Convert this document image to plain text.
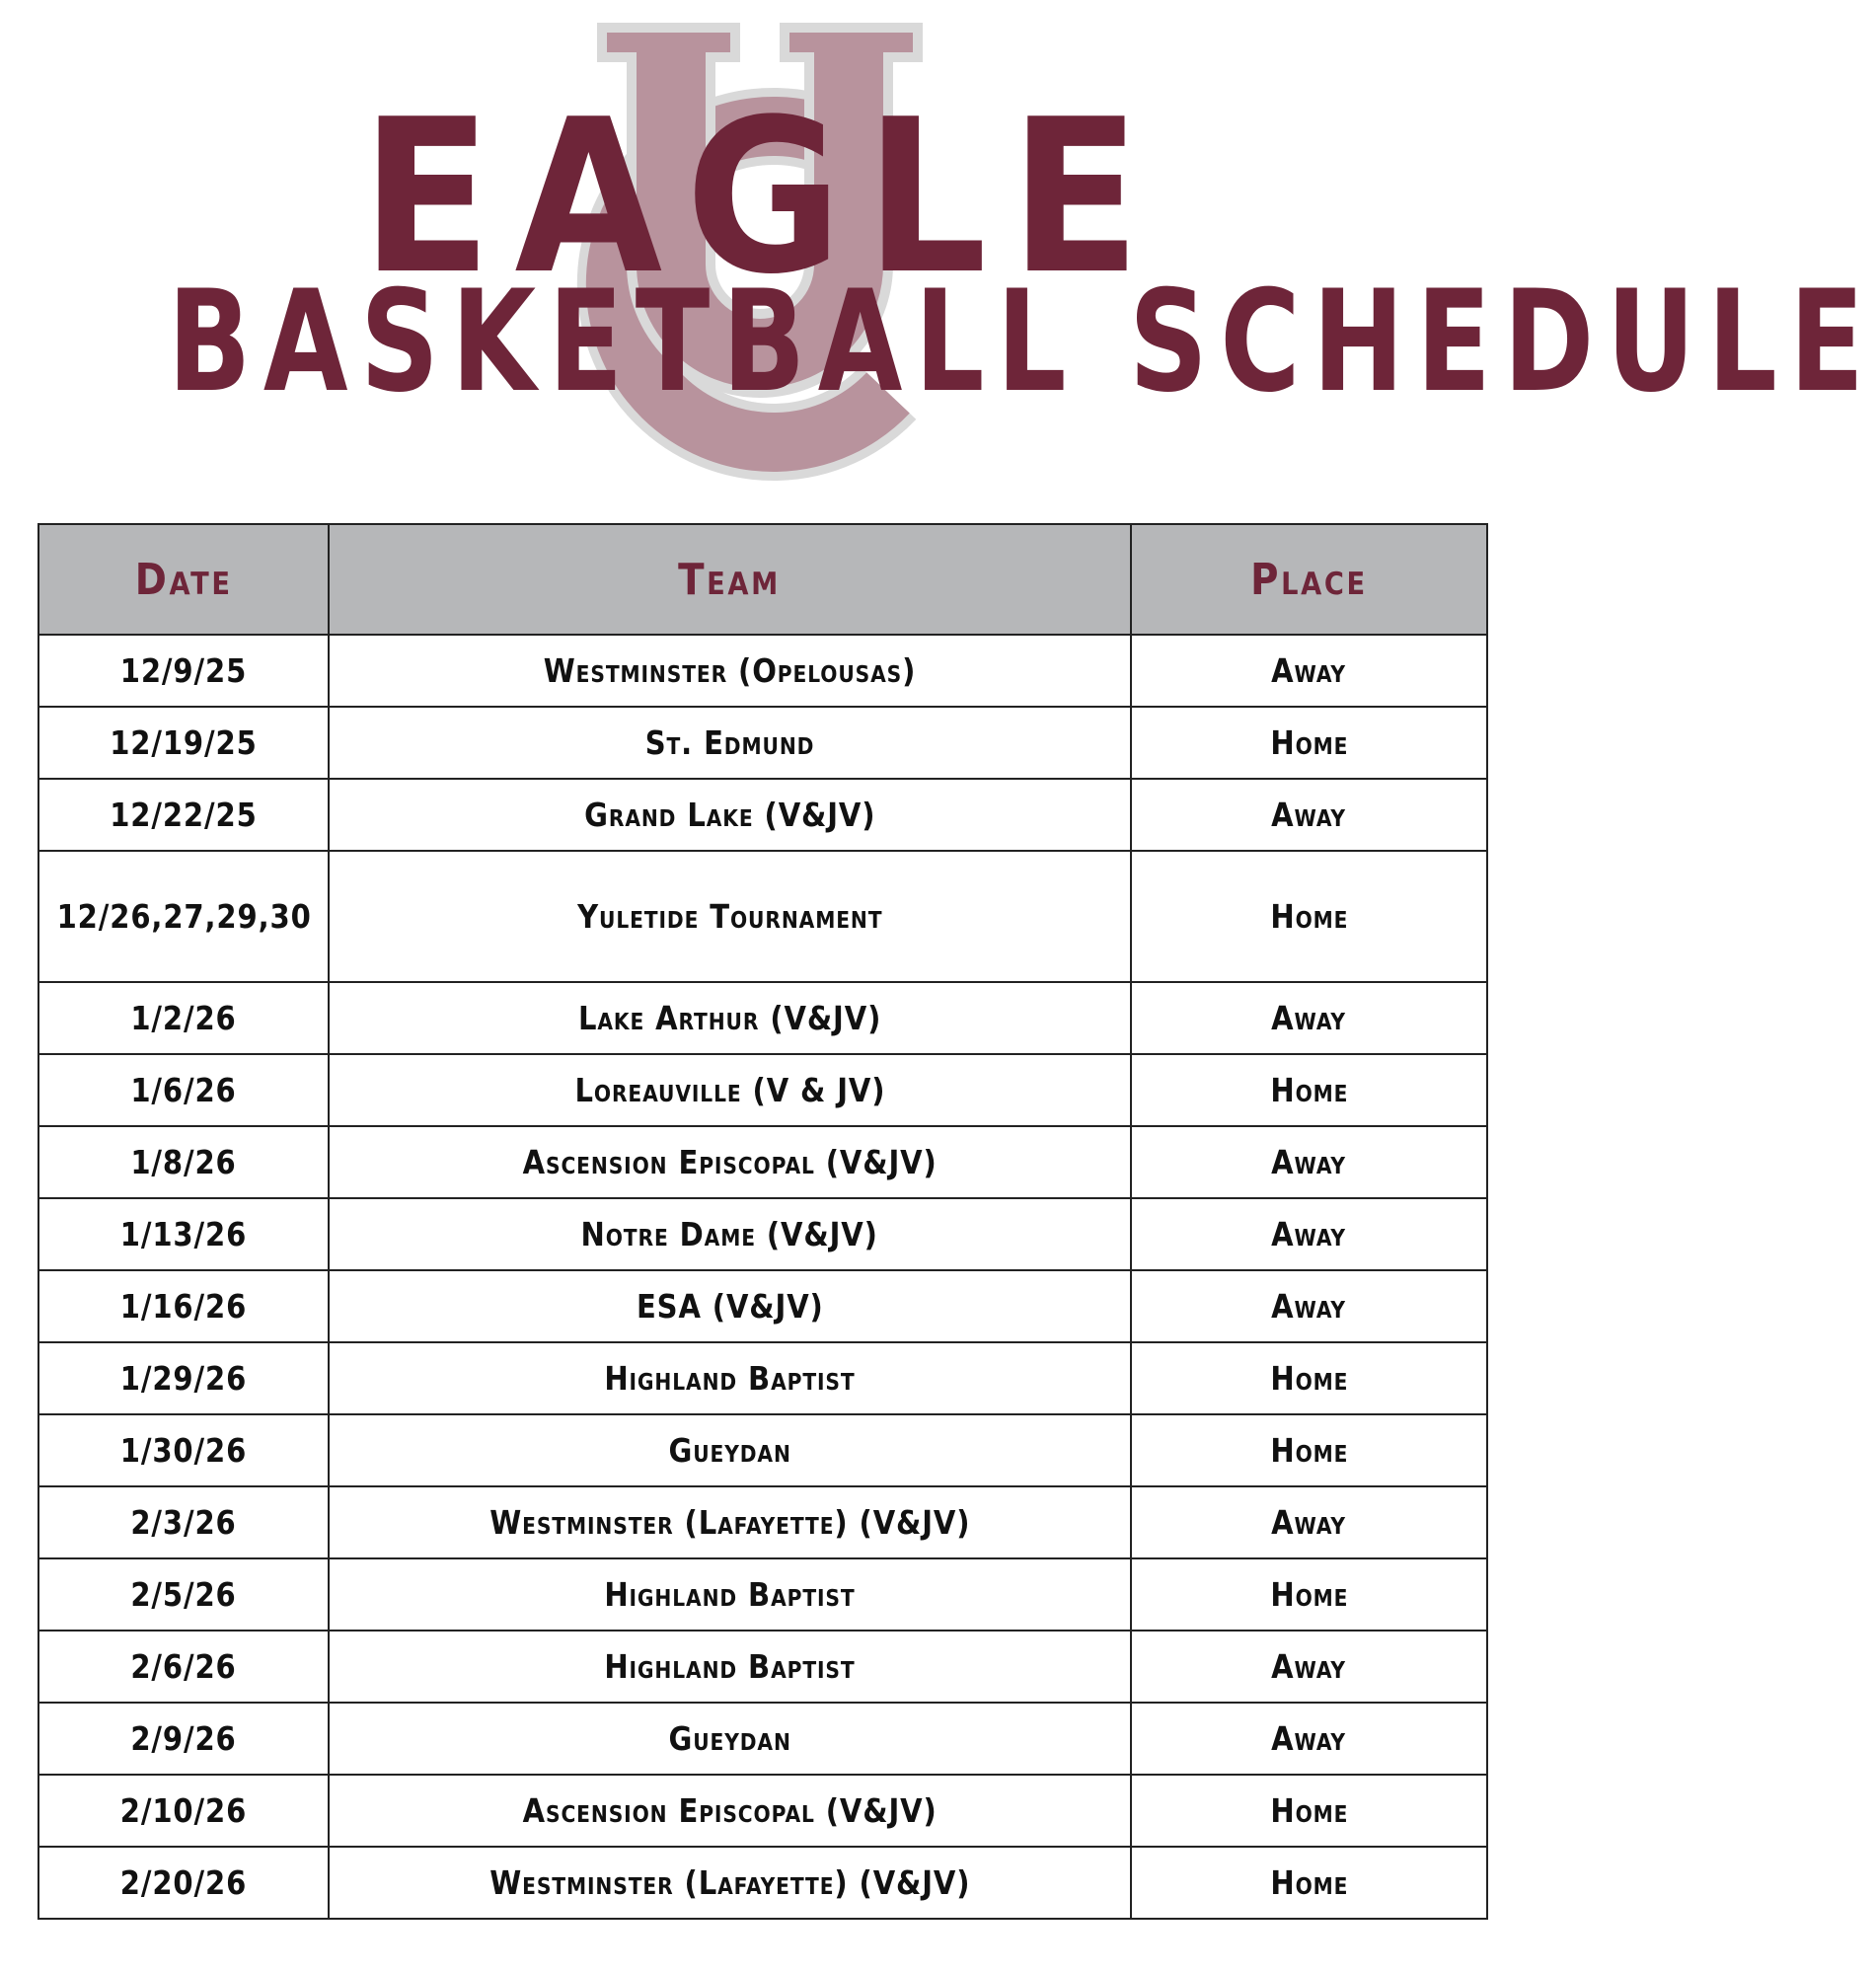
EAGLE
BASKETBALL SCHEDULE
Date	Team	Place
12/9/25	Westminster (Opelousas)	Away
12/19/25	St. Edmund	Home
12/22/25	Grand Lake (V&JV)	Away
12/26,27,29,30	Yuletide Tournament	Home
1/2/26	Lake Arthur (V&JV)	Away
1/6/26	Loreauville (V & JV)	Home
1/8/26	Ascension Episcopal (V&JV)	Away
1/13/26	Notre Dame (V&JV)	Away
1/16/26	ESA (V&JV)	Away
1/29/26	Highland Baptist	Home
1/30/26	Gueydan	Home
2/3/26	Westminster (Lafayette) (V&JV)	Away
2/5/26	Highland Baptist	Home
2/6/26	Highland Baptist	Away
2/9/26	Gueydan	Away
2/10/26	Ascension Episcopal (V&JV)	Home
2/20/26	Westminster (Lafayette) (V&JV)	Home
